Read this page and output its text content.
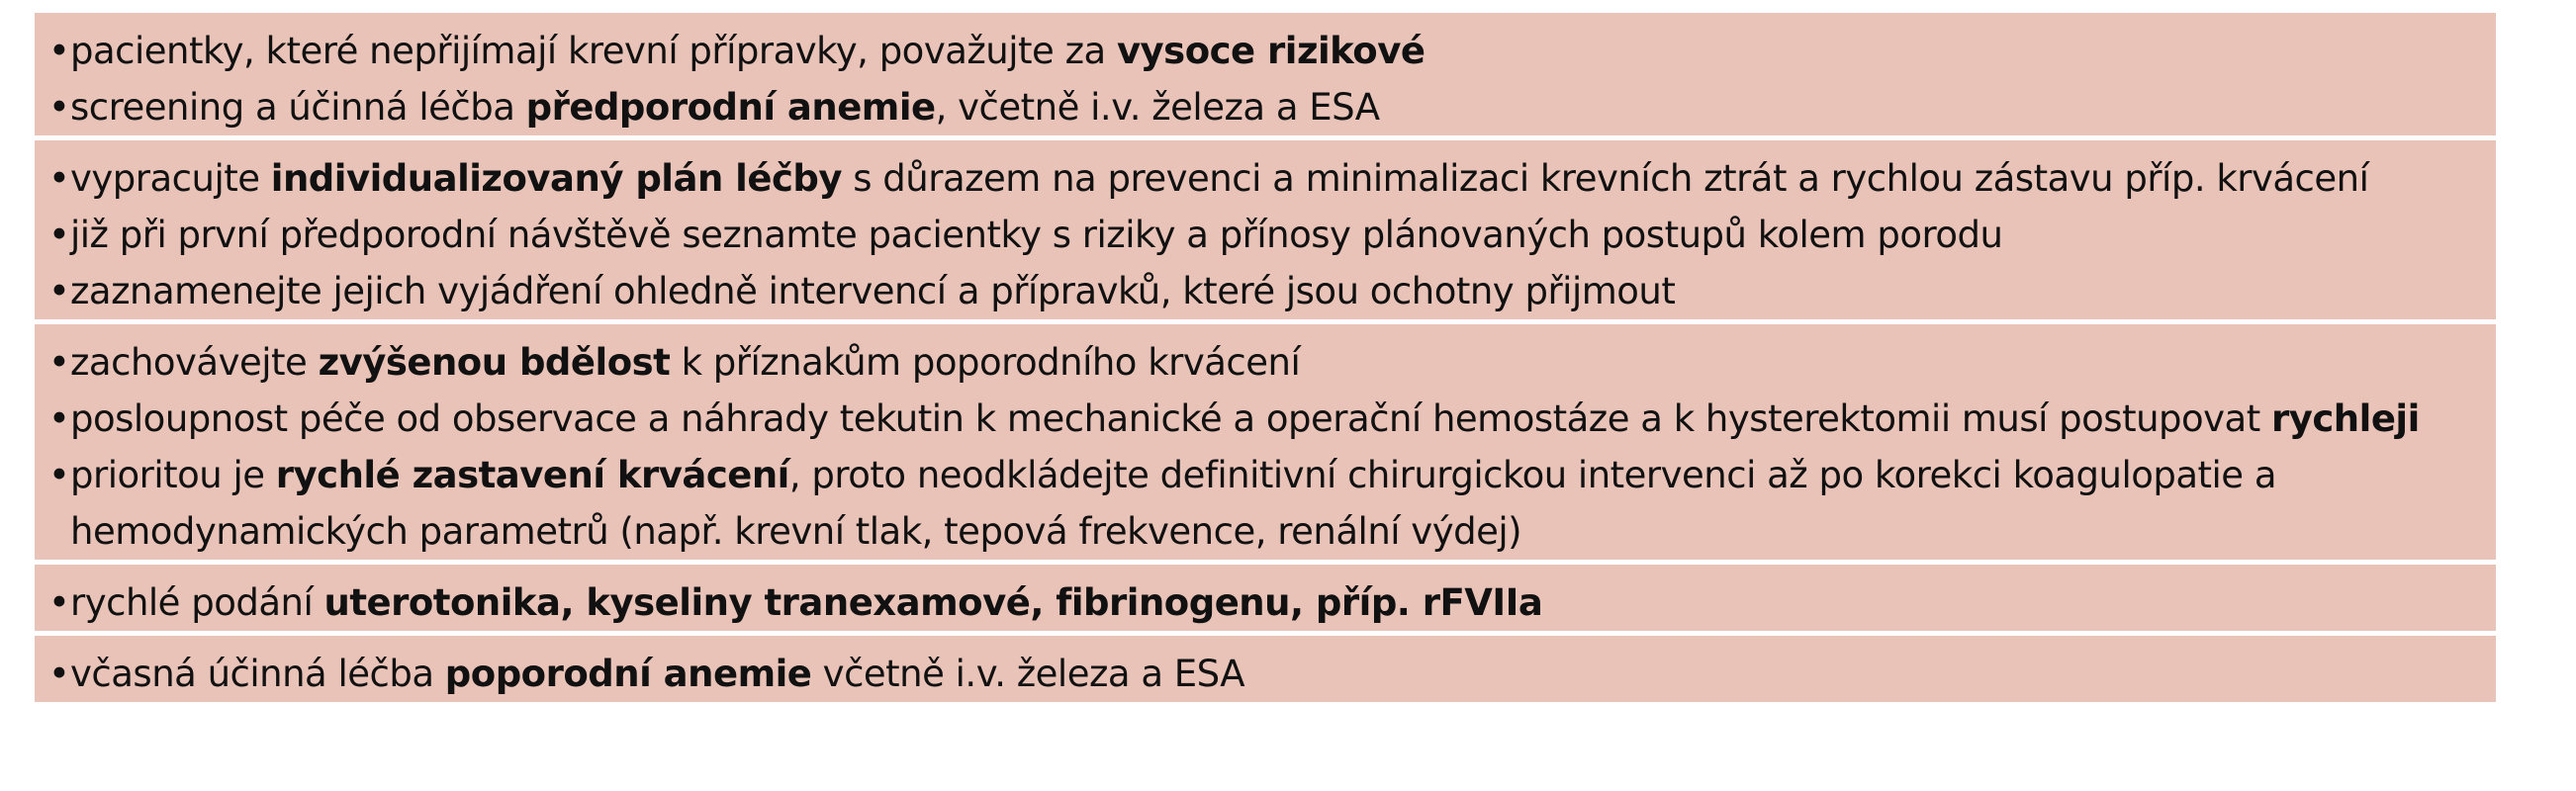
• pacientky, které nepřijímají krevní přípravky, považujte za vysoce rizikové
• screening a účinná léčba předporodní anemie, včetně i.v. železa a ESA
• vypracujte individualizovaný plán léčby s důrazem na prevenci a minimalizaci krevních ztrát a rychlou zástavu příp. krvácení
• již při první předporodní návštěvě seznamte pacientky s riziky a přínosy plánovaných postupů kolem porodu
• zaznamenejte jejich vyjádření ohledně intervencí a přípravků, které jsou ochotny přijmout
• zachovávejte zvýšenou bdělost k příznakům poporodního krvácení
• posloupnost péče od observace a náhrady tekutin k mechanické a operační hemostáze a k hysterektomii musí postupovat rychleji
• prioritou je rychlé zastavení krvácení, proto neodkládejte definitivní chirurgickou intervenci až po korekci koagulopatie a hemodynamických parametrů (např. krevní tlak, tepová frekvence, renální výdej)
• rychlé podání uterotonika, kyseliny tranexamové, fibrinogenu, příp. rFVIIa
• včasná účinná léčba poporodní anemie včetně i.v. železa a ESA
